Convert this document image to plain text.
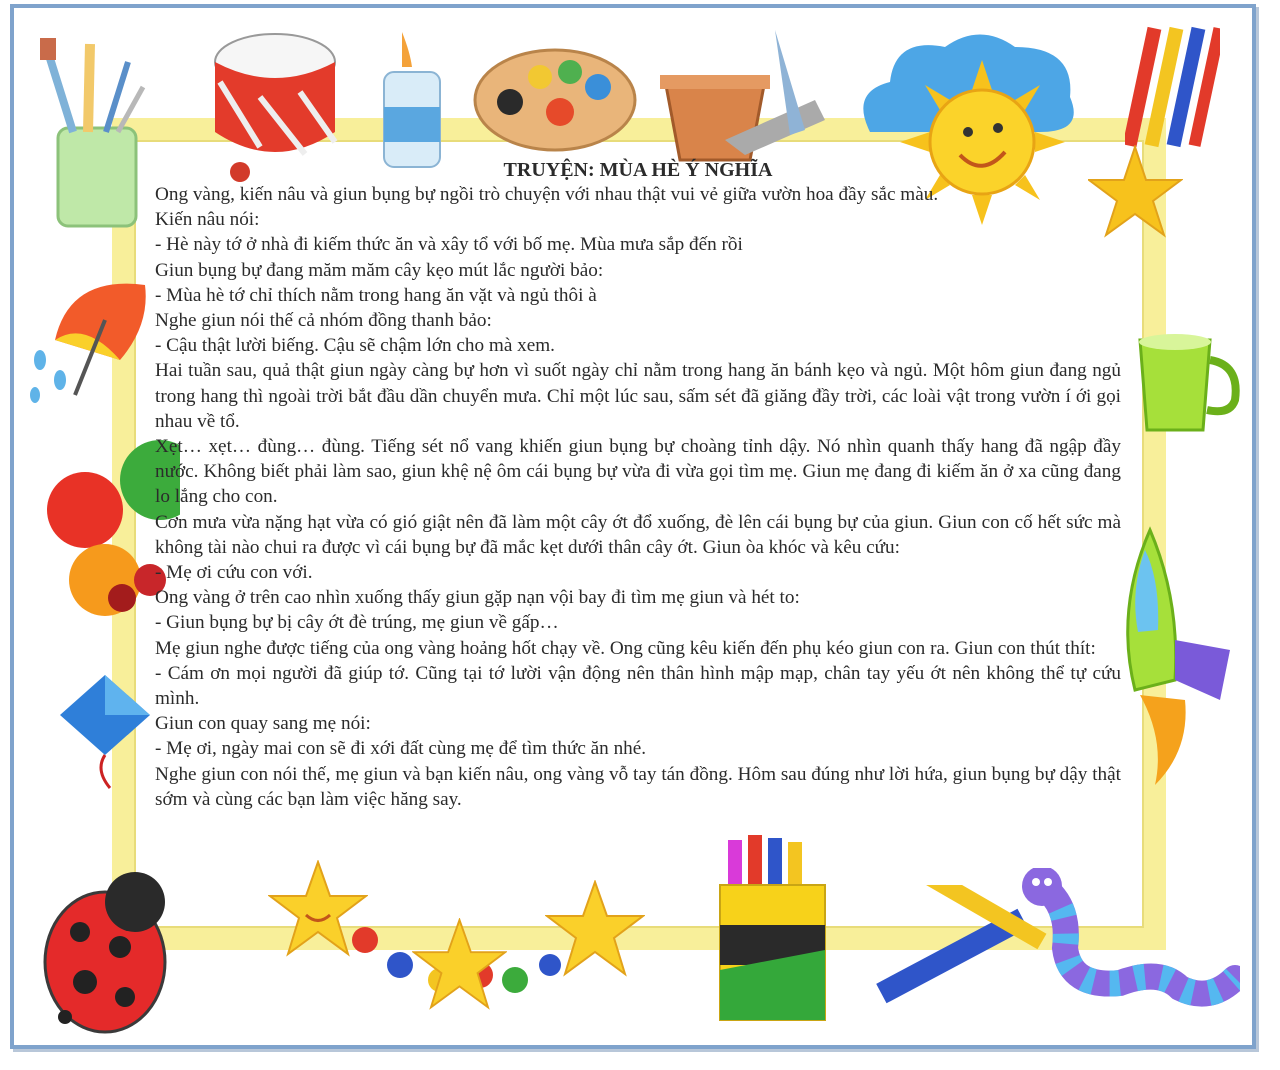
TRUYỆN: MÙA HÈ Ý NGHĨA

Ong vàng, kiến nâu và giun bụng bự ngồi trò chuyện với nhau thật vui vẻ giữa vườn hoa đầy sắc màu.

Kiến nâu nói:

- Hè này tớ ở nhà đi kiếm thức ăn và xây tổ với bố mẹ. Mùa mưa sắp đến rồi

Giun bụng bự đang măm măm cây kẹo mút lắc người bảo:

- Mùa hè tớ chỉ thích nằm trong hang ăn vặt và ngủ thôi à

Nghe giun nói thế cả nhóm đồng thanh bảo:

- Cậu thật lười biếng. Cậu sẽ chậm lớn cho mà xem.

Hai tuần sau, quả thật giun ngày càng bự hơn vì suốt ngày chỉ nằm trong hang ăn bánh kẹo và ngủ. Một hôm giun đang ngủ trong hang thì ngoài trời bắt đầu dần chuyển mưa. Chỉ một lúc sau, sấm sét đã giăng đầy trời, các loài vật trong vườn í ới gọi nhau về tổ.

Xẹt… xẹt… đùng… đùng. Tiếng sét nổ vang khiến giun bụng bự choàng tỉnh dậy. Nó nhìn quanh thấy hang đã ngập đầy nước. Không biết phải làm sao, giun khệ nệ ôm cái bụng bự vừa đi vừa gọi tìm mẹ. Giun mẹ đang đi kiếm ăn ở xa cũng đang lo lắng cho con.

Cơn mưa vừa nặng hạt vừa có gió giật nên đã làm một cây ớt đổ xuống, đè lên cái bụng bự của giun. Giun con cố hết sức mà không tài nào chui ra được vì cái bụng bự đã mắc kẹt dưới thân cây ớt. Giun òa khóc và kêu cứu:

- Mẹ ơi cứu con với.

Ong vàng ở trên cao nhìn xuống thấy giun gặp nạn vội bay đi tìm mẹ giun và hét to:

- Giun bụng bự bị cây ớt đè trúng, mẹ giun về gấp…

Mẹ giun nghe được tiếng của ong vàng hoảng hốt chạy về. Ong cũng kêu kiến đến phụ kéo giun con ra. Giun con thút thít:

- Cám ơn mọi người đã giúp tớ. Cũng tại tớ lười vận động nên thân hình mập mạp, chân tay yếu ớt nên không thể tự cứu mình.

Giun con quay sang mẹ nói:

- Mẹ ơi, ngày mai con sẽ đi xới đất cùng mẹ để tìm thức ăn nhé.

Nghe giun con nói thế, mẹ giun và bạn kiến nâu, ong vàng vỗ tay tán đồng. Hôm sau đúng như lời hứa, giun bụng bự dậy thật sớm và cùng các bạn làm việc hăng say.
